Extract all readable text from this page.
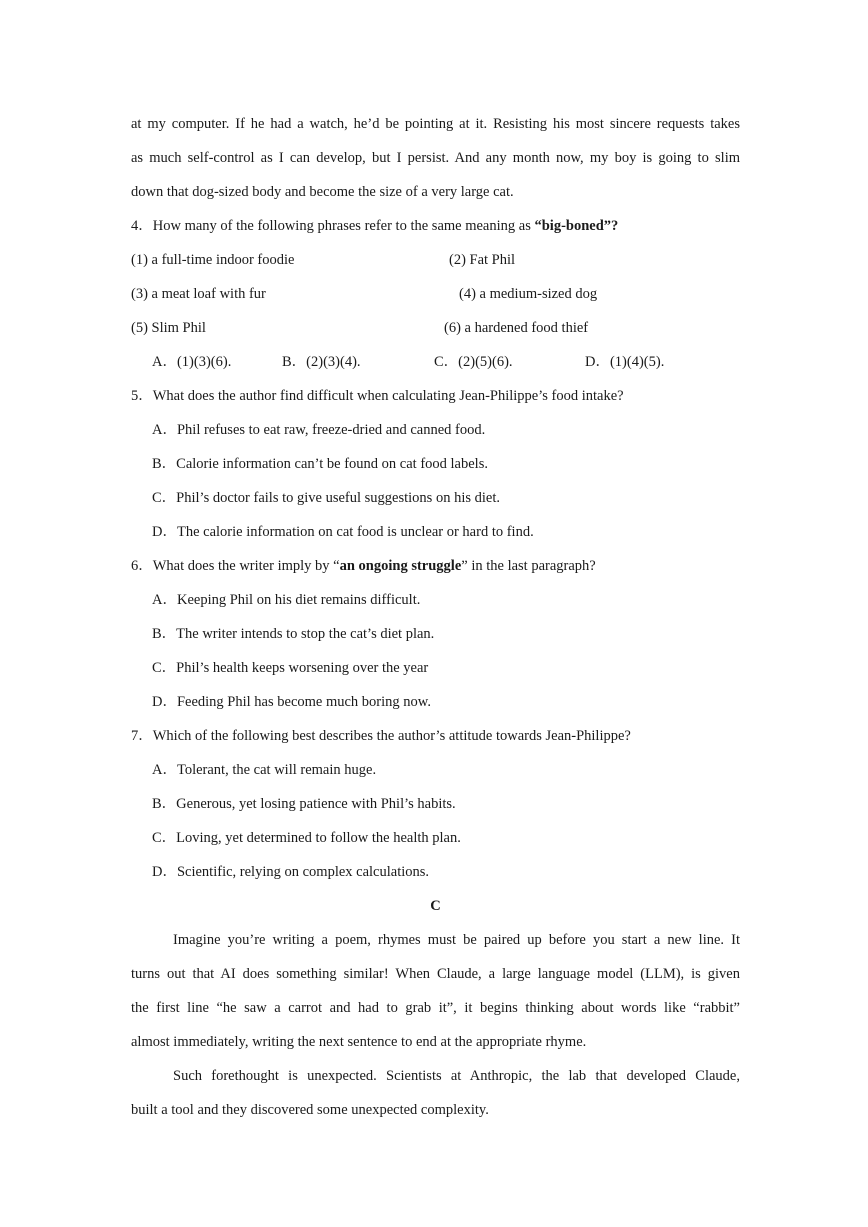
at my computer. If he had a watch, he’d be pointing at it. Resisting his most sincere requests takes
as much self-control as I can develop, but I persist. And any month now, my boy is going to slim
down that dog-sized body and become the size of a very large cat.
4．How many of the following phrases refer to the same meaning as “big-boned”?
(1) a full-time indoor foodie	(2) Fat Phil
(3) a meat loaf with fur	(4) a medium-sized dog
(5) Slim Phil	(6) a hardened food thief
A．(1)(3)(6).	B．(2)(3)(4).	C．(2)(5)(6).	D．(1)(4)(5).
5．What does the author find difficult when calculating Jean-Philippe’s food intake?
A．Phil refuses to eat raw, freeze-dried and canned food.
B．Calorie information can’t be found on cat food labels.
C．Phil’s doctor fails to give useful suggestions on his diet.
D．The calorie information on cat food is unclear or hard to find.
6．What does the writer imply by “an ongoing struggle” in the last paragraph?
A．Keeping Phil on his diet remains difficult.
B．The writer intends to stop the cat’s diet plan.
C．Phil’s health keeps worsening over the year
D．Feeding Phil has become much boring now.
7．Which of the following best describes the author’s attitude towards Jean-Philippe?
A．Tolerant, the cat will remain huge.
B．Generous, yet losing patience with Phil’s habits.
C．Loving, yet determined to follow the health plan.
D．Scientific, relying on complex calculations.
C
Imagine you’re writing a poem, rhymes must be paired up before you start a new line. It
turns out that AI does something similar! When Claude, a large language model (LLM), is given
the first line “he saw a carrot and had to grab it”, it begins thinking about words like “rabbit”
almost immediately, writing the next sentence to end at the appropriate rhyme.
Such forethought is unexpected. Scientists at Anthropic, the lab that developed Claude,
built a tool and they discovered some unexpected complexity.
